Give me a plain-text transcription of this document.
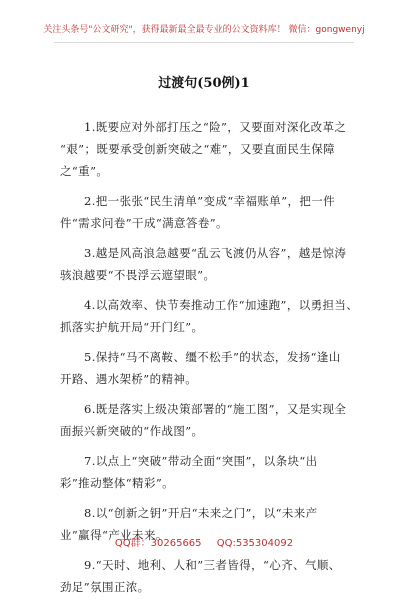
关注头条号"公文研究"，获得最新最全最专业的公文资料库！ 微信：gongwenyj
过渡句(50例)1
1.既要应对外部打压之“险”，又要面对深化改革之
“艰”；既要承受创新突破之“难”，又要直面民生保障
之“重”。
2.把一张张“民生清单”变成“幸福账单”，把一件
件“需求问卷”干成“满意答卷”。
3.越是风高浪急越要“乱云飞渡仍从容”，越是惊涛
骇浪越要“不畏浮云遮望眼”。
4.以高效率、快节奏推动工作“加速跑”，以勇担当、
抓落实护航开局“开门红”。
5.保持“马不离鞍、缰不松手”的状态，发扬“逢山
开路、遇水架桥”的精神。
6.既是落实上级决策部署的“施工图”，又是实现全
面振兴新突破的“作战图”。
7.以点上“突破”带动全面“突围”，以条块“出
彩”推动整体“精彩”。
8.以“创新之钥”开启“未来之门”，以“未来产
业”赢得“产业未来。
9.“天时、地利、人和”三者皆得，“心齐、气顺、
劲足”氛围正浓。
QQ群：30265665 QQ:535304092
